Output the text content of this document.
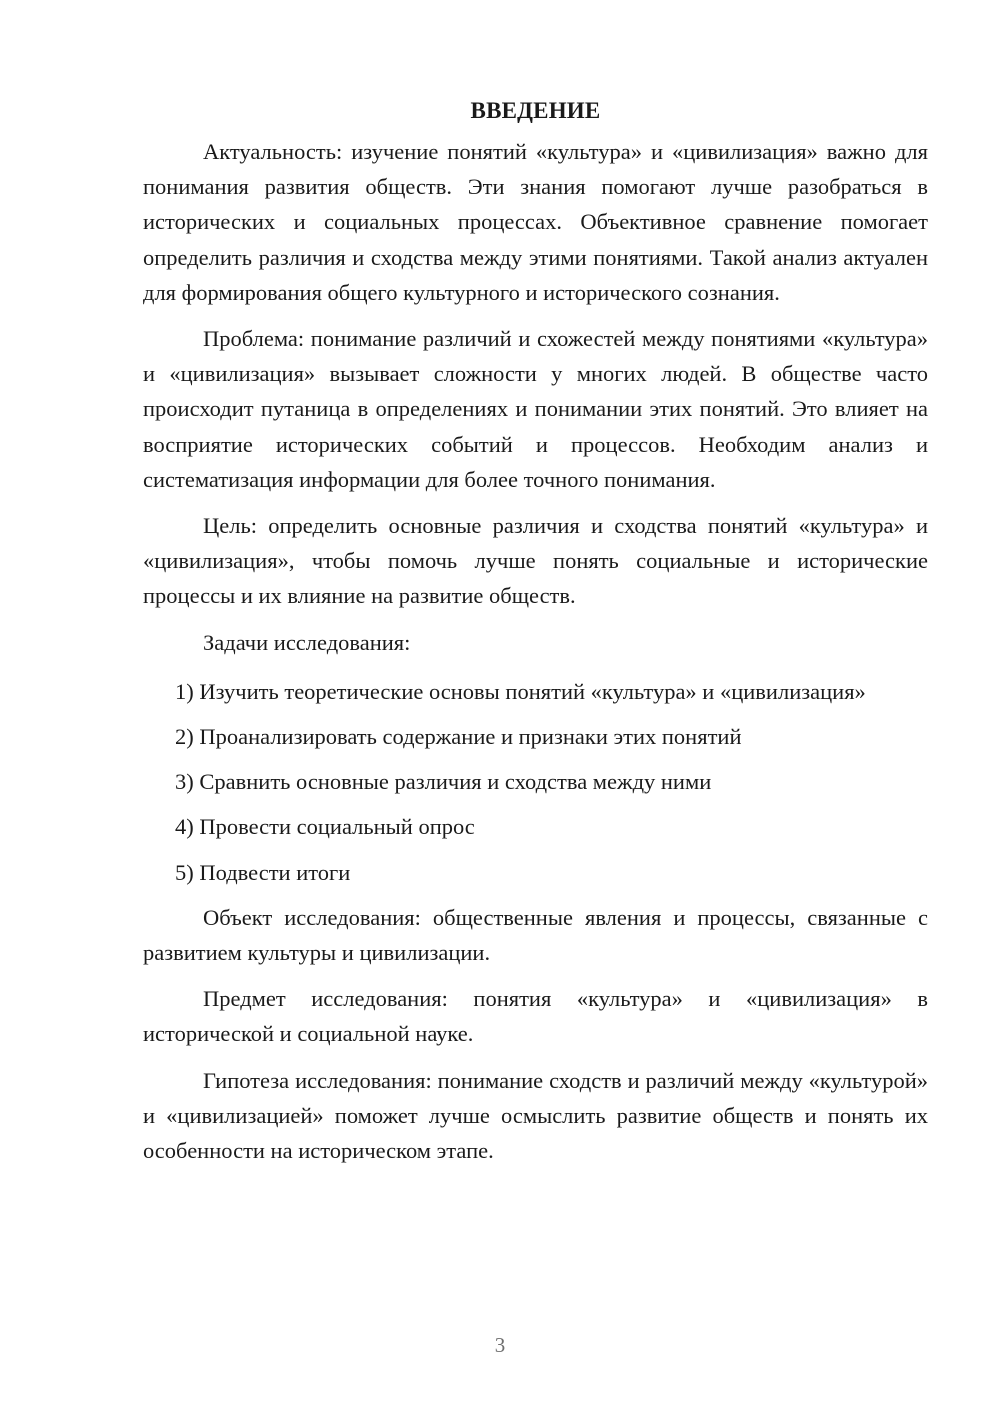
ВВЕДЕНИЕ

Актуальность: изучение понятий «культура» и «цивилизация» важно для понимания развития обществ. Эти знания помогают лучше разобраться в исторических и социальных процессах. Объективное сравнение помогает определить различия и сходства между этими понятиями. Такой анализ актуален для формирования общего культурного и исторического сознания.

Проблема: понимание различий и схожестей между понятиями «культура» и «цивилизация» вызывает сложности у многих людей. В обществе часто происходит путаница в определениях и понимании этих понятий. Это влияет на восприятие исторических событий и процессов. Необходим анализ и систематизация информации для более точного понимания.

Цель: определить основные различия и сходства понятий «культура» и «цивилизация», чтобы помочь лучше понять социальные и исторические процессы и их влияние на развитие обществ.

Задачи исследования:

1) Изучить теоретические основы понятий «культура» и «цивилизация»

2) Проанализировать содержание и признаки этих понятий

3) Сравнить основные различия и сходства между ними

4) Провести социальный опрос

5) Подвести итоги

Объект исследования: общественные явления и процессы, связанные с развитием культуры и цивилизации.

Предмет исследования: понятия «культура» и «цивилизация» в исторической и социальной науке.

Гипотеза исследования: понимание сходств и различий между «культурой» и «цивилизацией» поможет лучше осмыслить развитие обществ и понять их особенности на историческом этапе.

3
